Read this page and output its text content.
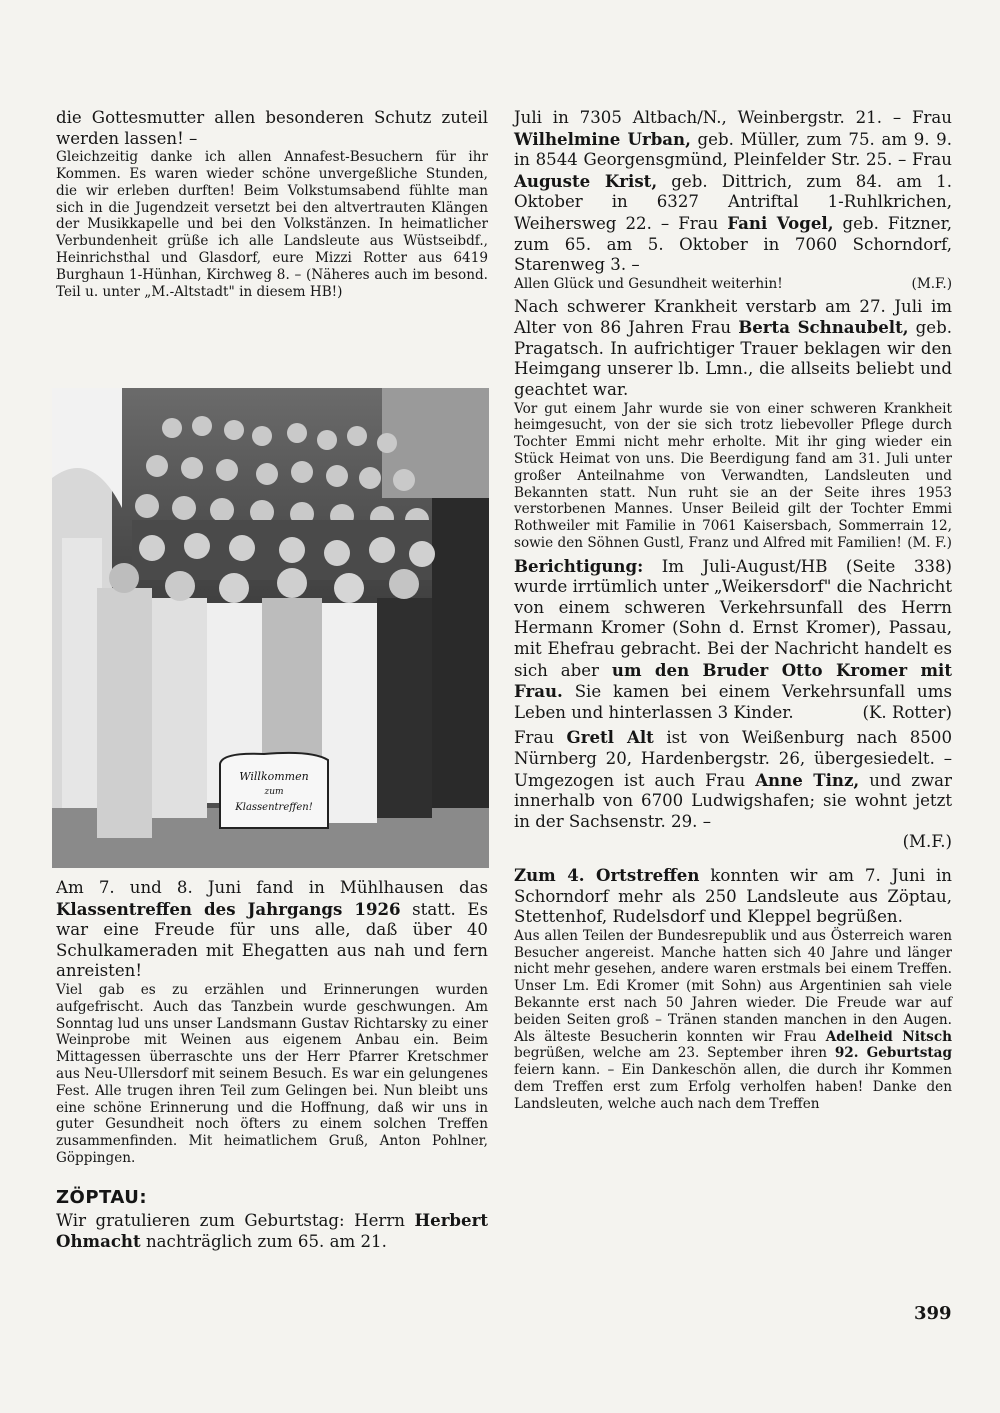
die Gottesmutter allen besonderen Schutz zuteil werden lassen! –

Gleichzeitig danke ich allen Annafest-Besuchern für ihr Kommen. Es waren wieder schöne unvergeßliche Stunden, die wir erleben durften! Beim Volkstumsabend fühlte man sich in die Jugendzeit versetzt bei den altvertrauten Klängen der Musikkapelle und bei den Volkstänzen. In heimatlicher Verbundenheit grüße ich alle Landsleute aus Wüstseibdf., Heinrichsthal und Glasdorf, eure Mizzi Rotter aus 6419 Burghaun 1-Hünhan, Kirchweg 8. – (Näheres auch im besond. Teil u. unter „M.-Altstadt" in diesem HB!)

Willkommen
zum
Klassentreffen!

Am 7. und 8. Juni fand in Mühlhausen das Klassentreffen des Jahrgangs 1926 statt. Es war eine Freude für uns alle, daß über 40 Schulkameraden mit Ehegatten aus nah und fern anreisten!

Viel gab es zu erzählen und Erinnerungen wurden aufgefrischt. Auch das Tanzbein wurde geschwungen. Am Sonntag lud uns unser Landsmann Gustav Richtarsky zu einer Weinprobe mit Weinen aus eigenem Anbau ein. Beim Mittagessen überraschte uns der Herr Pfarrer Kretschmer aus Neu-Ullersdorf mit seinem Besuch. Es war ein gelungenes Fest. Alle trugen ihren Teil zum Gelingen bei. Nun bleibt uns eine schöne Erinnerung und die Hoffnung, daß wir uns in guter Gesundheit noch öfters zu einem solchen Treffen zusammenfinden. Mit heimatlichem Gruß, Anton Pohlner, Göppingen.

ZÖPTAU:

Wir gratulieren zum Geburtstag: Herrn Herbert Ohmacht nachträglich zum 65. am 21.

Juli in 7305 Altbach/N., Weinbergstr. 21. – Frau Wilhelmine Urban, geb. Müller, zum 75. am 9. 9. in 8544 Georgensgmünd, Pleinfelder Str. 25. – Frau Auguste Krist, geb. Dittrich, zum 84. am 1. Oktober in 6327 Antriftal 1-Ruhlkrichen, Weihersweg 22. – Frau Fani Vogel, geb. Fitzner, zum 65. am 5. Oktober in 7060 Schorndorf, Starenweg 3. –

Allen Glück und Gesundheit weiterhin!	(M.F.)

Nach schwerer Krankheit verstarb am 27. Juli im Alter von 86 Jahren Frau Berta Schnaubelt, geb. Pragatsch. In aufrichtiger Trauer beklagen wir den Heimgang unserer lb. Lmn., die allseits beliebt und geachtet war.

Vor gut einem Jahr wurde sie von einer schweren Krankheit heimgesucht, von der sie sich trotz liebevoller Pflege durch Tochter Emmi nicht mehr erholte. Mit ihr ging wieder ein Stück Heimat von uns. Die Beerdigung fand am 31. Juli unter großer Anteilnahme von Verwandten, Landsleuten und Bekannten statt. Nun ruht sie an der Seite ihres 1953 verstorbenen Mannes. Unser Beileid gilt der Tochter Emmi Rothweiler mit Familie in 7061 Kaisersbach, Sommerrain 12, sowie den Söhnen Gustl, Franz und Alfred mit Familien! (M. F.)

Berichtigung: Im Juli-August/HB (Seite 338) wurde irrtümlich unter „Weikersdorf" die Nachricht von einem schweren Verkehrsunfall des Herrn Hermann Kromer (Sohn d. Ernst Kromer), Passau, mit Ehefrau gebracht. Bei der Nachricht handelt es sich aber um den Bruder Otto Kromer mit Frau. Sie kamen bei einem Verkehrsunfall ums Leben und hinterlassen 3 Kinder.	(K. Rotter)

Frau Gretl Alt ist von Weißenburg nach 8500 Nürnberg 20, Hardenbergstr. 26, übergesiedelt. – Umgezogen ist auch Frau Anne Tinz, und zwar innerhalb von 6700 Ludwigshafen; sie wohnt jetzt in der Sachsenstr. 29. –
(M.F.)

Zum 4. Ortstreffen konnten wir am 7. Juni in Schorndorf mehr als 250 Landsleute aus Zöptau, Stettenhof, Rudelsdorf und Kleppel begrüßen.

Aus allen Teilen der Bundesrepublik und aus Österreich waren Besucher angereist. Manche hatten sich 40 Jahre und länger nicht mehr gesehen, andere waren erstmals bei einem Treffen. Unser Lm. Edi Kromer (mit Sohn) aus Argentinien sah viele Bekannte erst nach 50 Jahren wieder. Die Freude war auf beiden Seiten groß – Tränen standen manchen in den Augen. Als älteste Besucherin konnten wir Frau Adelheid Nitsch begrüßen, welche am 23. September ihren 92. Geburtstag feiern kann. – Ein Dankeschön allen, die durch ihr Kommen dem Treffen erst zum Erfolg verholfen haben! Danke den Landsleuten, welche auch nach dem Treffen

399
